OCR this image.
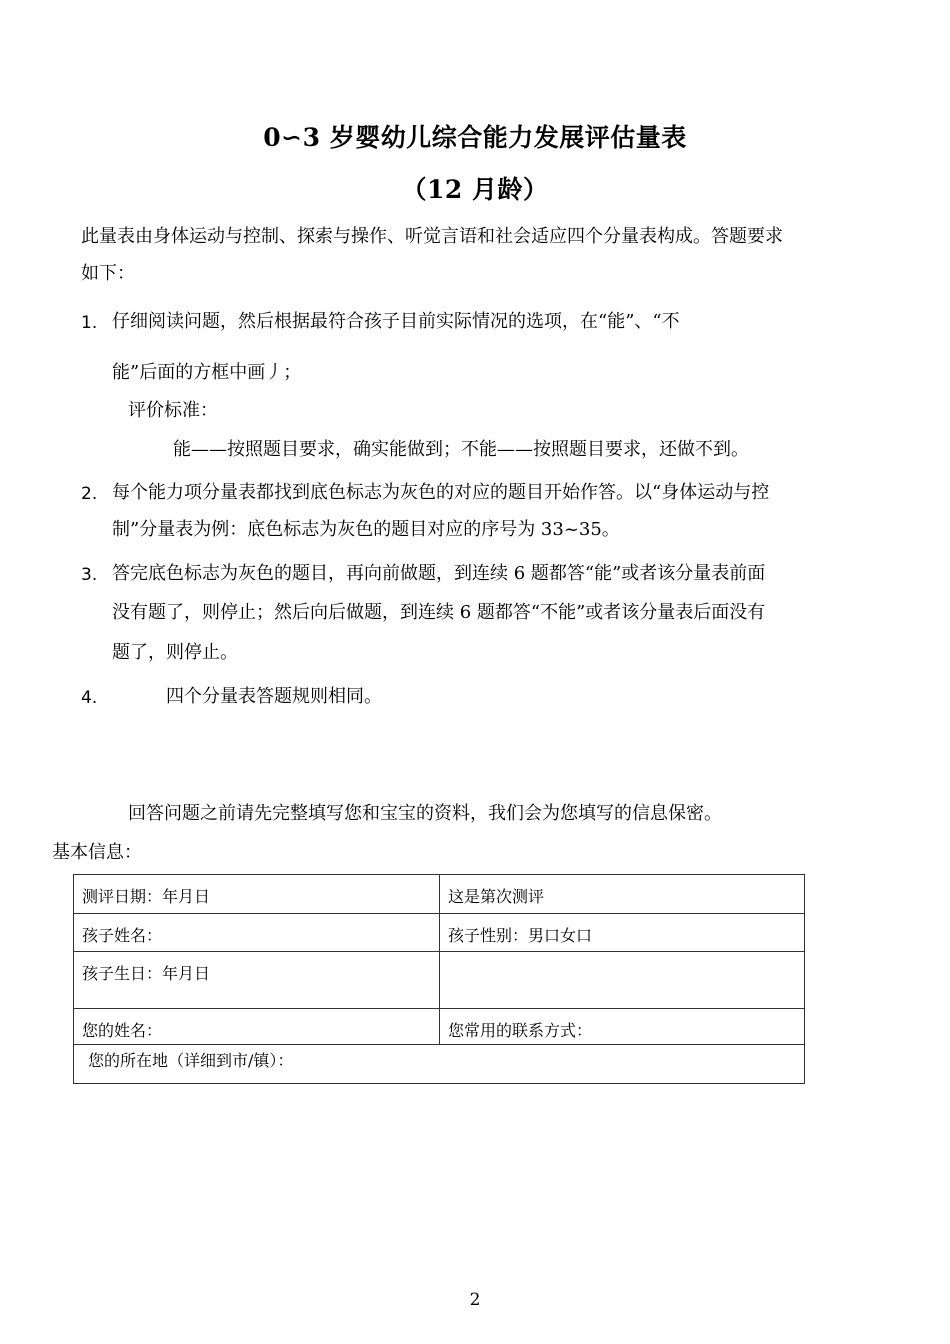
0∽3 岁婴幼儿综合能力发展评估量表
（12 月龄）
此量表由身体运动与控制、探索与操作、听觉言语和社会适应四个分量表构成。答题要求
如下：
1. 仔细阅读问题，然后根据最符合孩子目前实际情况的选项，在“能”、“不
能”后面的方框中画丿；
评价标准：
能——按照题目要求，确实能做到；不能——按照题目要求，还做不到。
2. 每个能力项分量表都找到底色标志为灰色的对应的题目开始作答。以“身体运动与控
制”分量表为例：底色标志为灰色的题目对应的序号为 33~35。
3. 答完底色标志为灰色的题目，再向前做题，到连续 6 题都答“能”或者该分量表前面
没有题了，则停止；然后向后做题，到连续 6 题都答“不能”或者该分量表后面没有
题了，则停止。
4.	四个分量表答题规则相同。
回答问题之前请先完整填写您和宝宝的资料，我们会为您填写的信息保密。
基本信息：
测评日期：年月日	这是第次测评
孩子姓名：	孩子性别：男口女口
孩子生日：年月日	
您的姓名：	您常用的联系方式：
您的所在地（详细到市/镇）：	
2
